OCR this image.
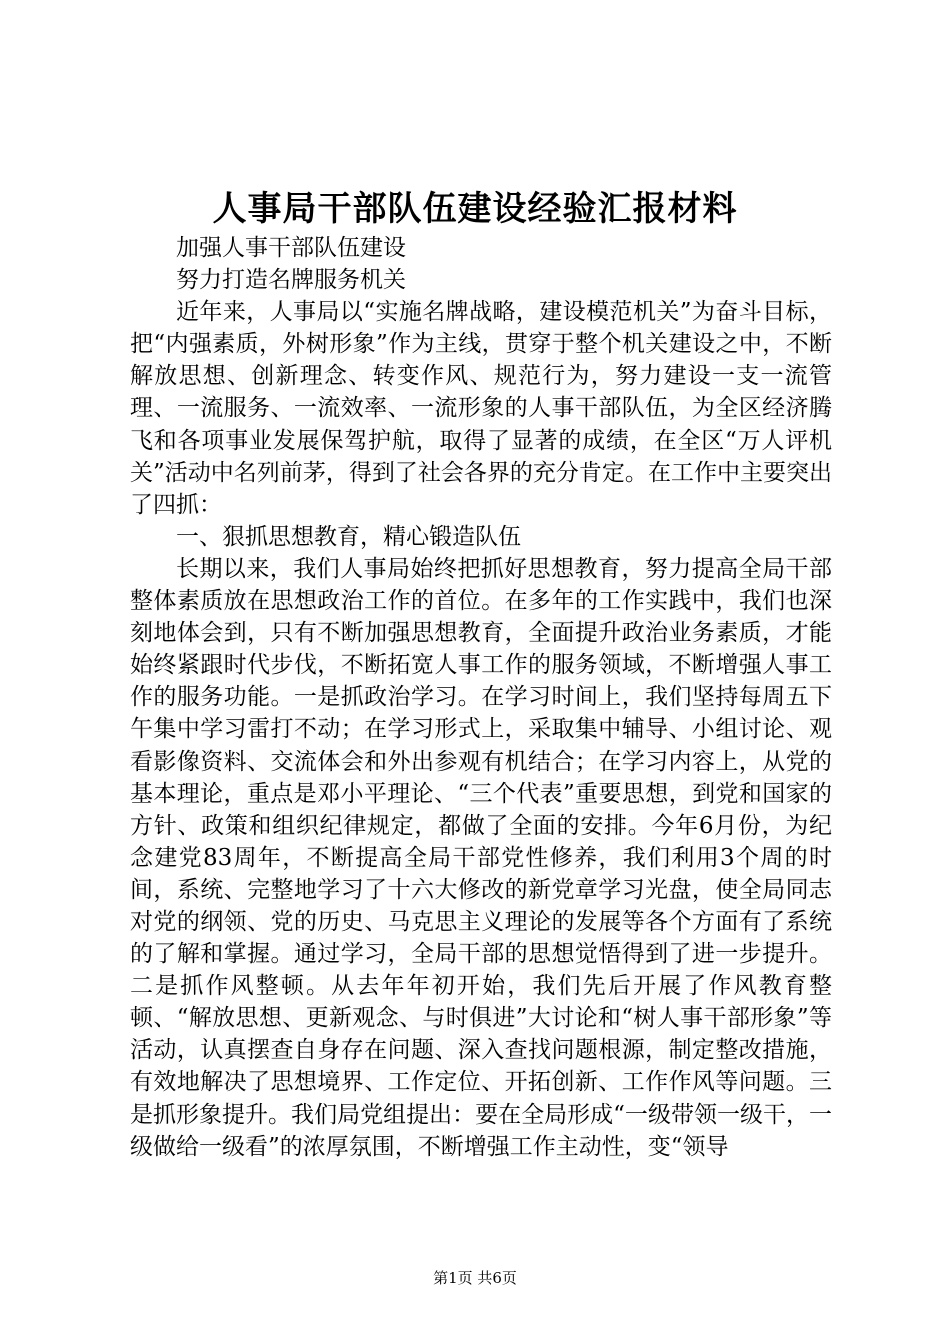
人事局干部队伍建设经验汇报材料

加强人事干部队伍建设

努力打造名牌服务机关

近年来，人事局以“实施名牌战略，建设模范机关”为奋斗目标，把“内强素质，外树形象”作为主线，贯穿于整个机关建设之中，不断解放思想、创新理念、转变作风、规范行为，努力建设一支一流管理、一流服务、一流效率、一流形象的人事干部队伍，为全区经济腾飞和各项事业发展保驾护航，取得了显著的成绩，在全区“万人评机关”活动中名列前茅，得到了社会各界的充分肯定。在工作中主要突出了四抓：

一、狠抓思想教育，精心锻造队伍

长期以来，我们人事局始终把抓好思想教育，努力提高全局干部整体素质放在思想政治工作的首位。在多年的工作实践中，我们也深刻地体会到，只有不断加强思想教育，全面提升政治业务素质，才能始终紧跟时代步伐，不断拓宽人事工作的服务领域，不断增强人事工作的服务功能。一是抓政治学习。在学习时间上，我们坚持每周五下午集中学习雷打不动；在学习形式上，采取集中辅导、小组讨论、观看影像资料、交流体会和外出参观有机结合；在学习内容上，从党的基本理论，重点是邓小平理论、“三个代表”重要思想，到党和国家的方针、政策和组织纪律规定，都做了全面的安排。今年6月份，为纪念建党83周年，不断提高全局干部党性修养，我们利用3个周的时间，系统、完整地学习了十六大修改的新党章学习光盘，使全局同志对党的纲领、党的历史、马克思主义理论的发展等各个方面有了系统的了解和掌握。通过学习，全局干部的思想觉悟得到了进一步提升。二是抓作风整顿。从去年年初开始，我们先后开展了作风教育整顿、“解放思想、更新观念、与时俱进”大讨论和“树人事干部形象”等活动，认真摆查自身存在问题、深入查找问题根源，制定整改措施，有效地解决了思想境界、工作定位、开拓创新、工作作风等问题。三是抓形象提升。我们局党组提出：要在全局形成“一级带领一级干，一级做给一级看”的浓厚氛围，不断增强工作主动性，变“领导

第1页 共6页
